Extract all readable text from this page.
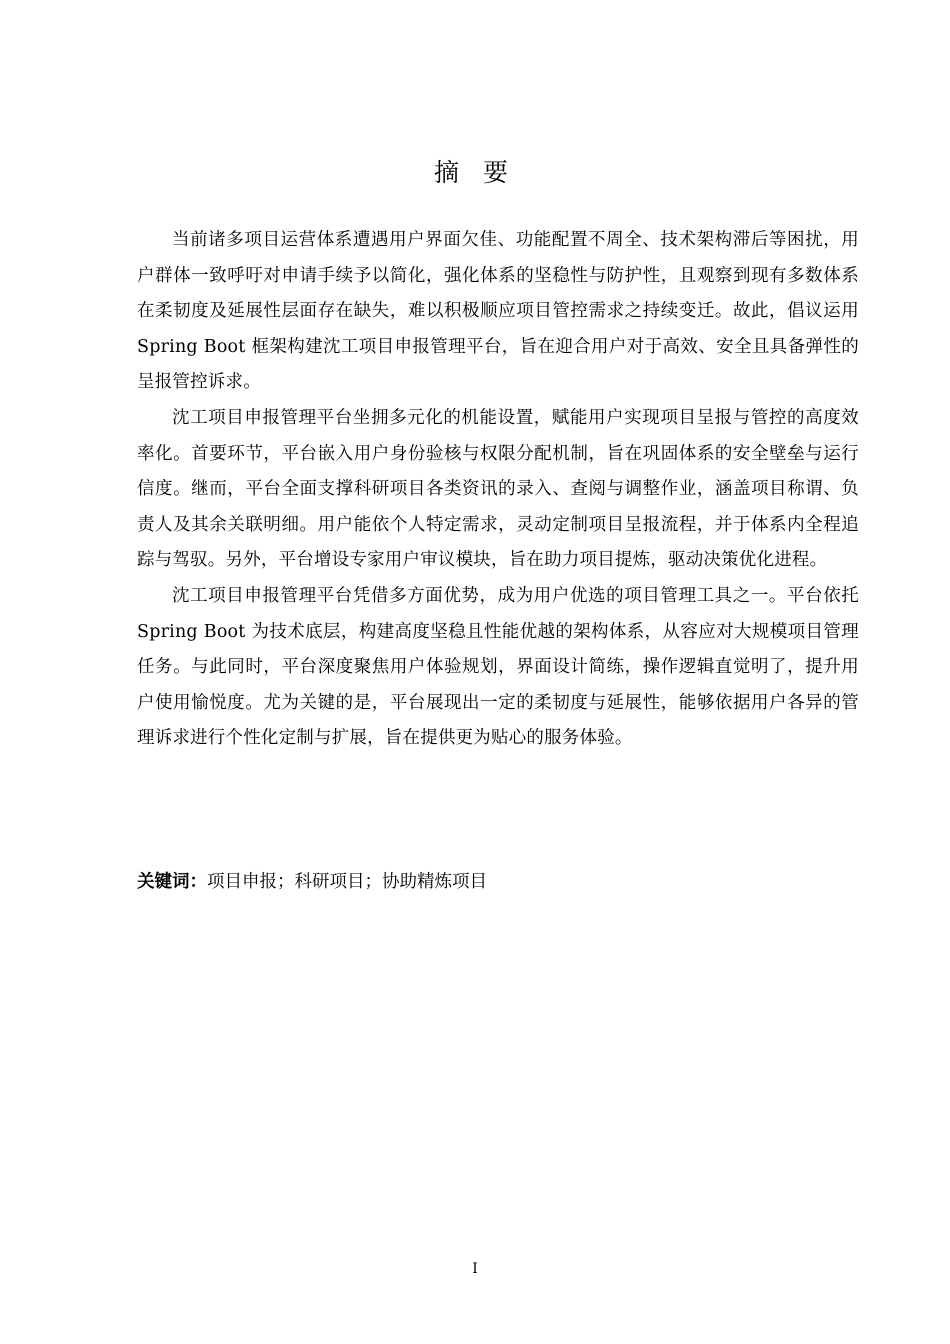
摘 要

当前诸多项目运营体系遭遇用户界面欠佳、功能配置不周全、技术架构滞后等困扰，用户群体一致呼吁对申请手续予以简化，强化体系的坚稳性与防护性，且观察到现有多数体系在柔韧度及延展性层面存在缺失，难以积极顺应项目管控需求之持续变迁。故此，倡议运用 Spring Boot 框架构建沈工项目申报管理平台，旨在迎合用户对于高效、安全且具备弹性的呈报管控诉求。

沈工项目申报管理平台坐拥多元化的机能设置，赋能用户实现项目呈报与管控的高度效率化。首要环节，平台嵌入用户身份验核与权限分配机制，旨在巩固体系的安全壁垒与运行信度。继而，平台全面支撑科研项目各类资讯的录入、查阅与调整作业，涵盖项目称谓、负责人及其余关联明细。用户能依个人特定需求，灵动定制项目呈报流程，并于体系内全程追踪与驾驭。另外，平台增设专家用户审议模块，旨在助力项目提炼，驱动决策优化进程。

沈工项目申报管理平台凭借多方面优势，成为用户优选的项目管理工具之一。平台依托 Spring Boot 为技术底层，构建高度坚稳且性能优越的架构体系，从容应对大规模项目管理任务。与此同时，平台深度聚焦用户体验规划，界面设计简练，操作逻辑直觉明了，提升用户使用愉悦度。尤为关键的是，平台展现出一定的柔韧度与延展性，能够依据用户各异的管理诉求进行个性化定制与扩展，旨在提供更为贴心的服务体验。

关键词：项目申报；科研项目；协助精炼项目

I
